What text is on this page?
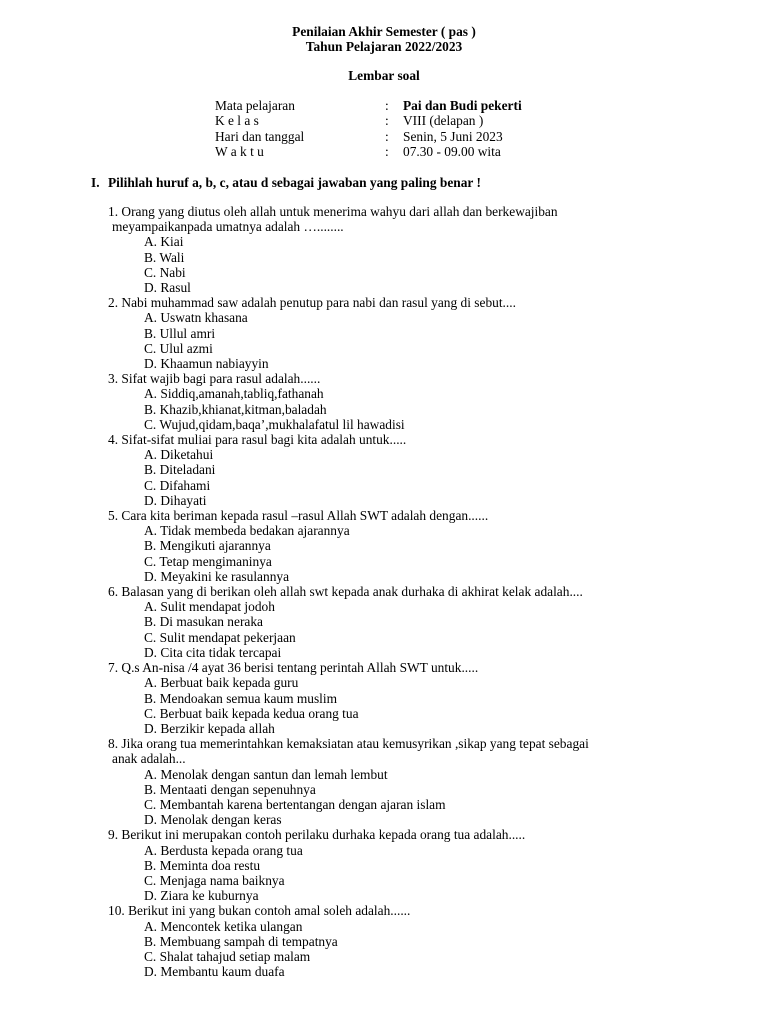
Penilaian Akhir Semester ( pas )
Tahun Pelajaran 2022/2023
Lembar soal
Mata pelajaran	:	Pai dan Budi pekerti
K e l a s	:	VIII (delapan )
Hari dan tanggal	:	Senin, 5 Juni 2023
W a k t u	:	07.30 - 09.00 wita
I. Pilihlah huruf a, b, c, atau d sebagai jawaban yang paling benar !
1. Orang yang diutus oleh allah untuk menerima wahyu dari allah dan berkewajiban
meyampaikanpada umatnya adalah …........
A. Kiai
B. Wali
C. Nabi
D. Rasul
2. Nabi muhammad saw adalah penutup para nabi dan rasul yang di sebut....
A. Uswatn khasana
B. Ullul amri
C. Ulul azmi
D. Khaamun nabiayyin
3. Sifat wajib bagi para rasul adalah......
A. Siddiq,amanah,tabliq,fathanah
B. Khazib,khianat,kitman,baladah
C. Wujud,qidam,baqa’,mukhalafatul lil hawadisi
4. Sifat-sifat muliai para rasul bagi kita adalah untuk.....
A. Diketahui
B. Diteladani
C. Difahami
D. Dihayati
5. Cara kita beriman kepada rasul –rasul Allah SWT adalah dengan......
A. Tidak membeda bedakan ajarannya
B. Mengikuti ajarannya
C. Tetap mengimaninya
D. Meyakini ke rasulannya
6. Balasan yang di berikan oleh allah swt kepada anak durhaka di akhirat kelak adalah....
A. Sulit mendapat jodoh
B. Di masukan neraka
C. Sulit mendapat pekerjaan
D. Cita cita tidak tercapai
7. Q.s An-nisa /4 ayat 36 berisi tentang perintah Allah SWT untuk.....
A. Berbuat baik kepada guru
B. Mendoakan semua kaum muslim
C. Berbuat baik kepada kedua orang tua
D. Berzikir kepada allah
8. Jika orang tua memerintahkan kemaksiatan atau kemusyrikan ,sikap yang tepat sebagai
anak adalah...
A. Menolak dengan santun dan lemah lembut
B. Mentaati dengan sepenuhnya
C. Membantah karena bertentangan dengan ajaran islam
D. Menolak dengan keras
9. Berikut ini merupakan contoh perilaku durhaka kepada orang tua adalah.....
A. Berdusta kepada orang tua
B. Meminta doa restu
C. Menjaga nama baiknya
D. Ziara ke kuburnya
10. Berikut ini yang bukan contoh amal soleh adalah......
A. Mencontek ketika ulangan
B. Membuang sampah di tempatnya
C. Shalat tahajud setiap malam
D. Membantu kaum duafa
